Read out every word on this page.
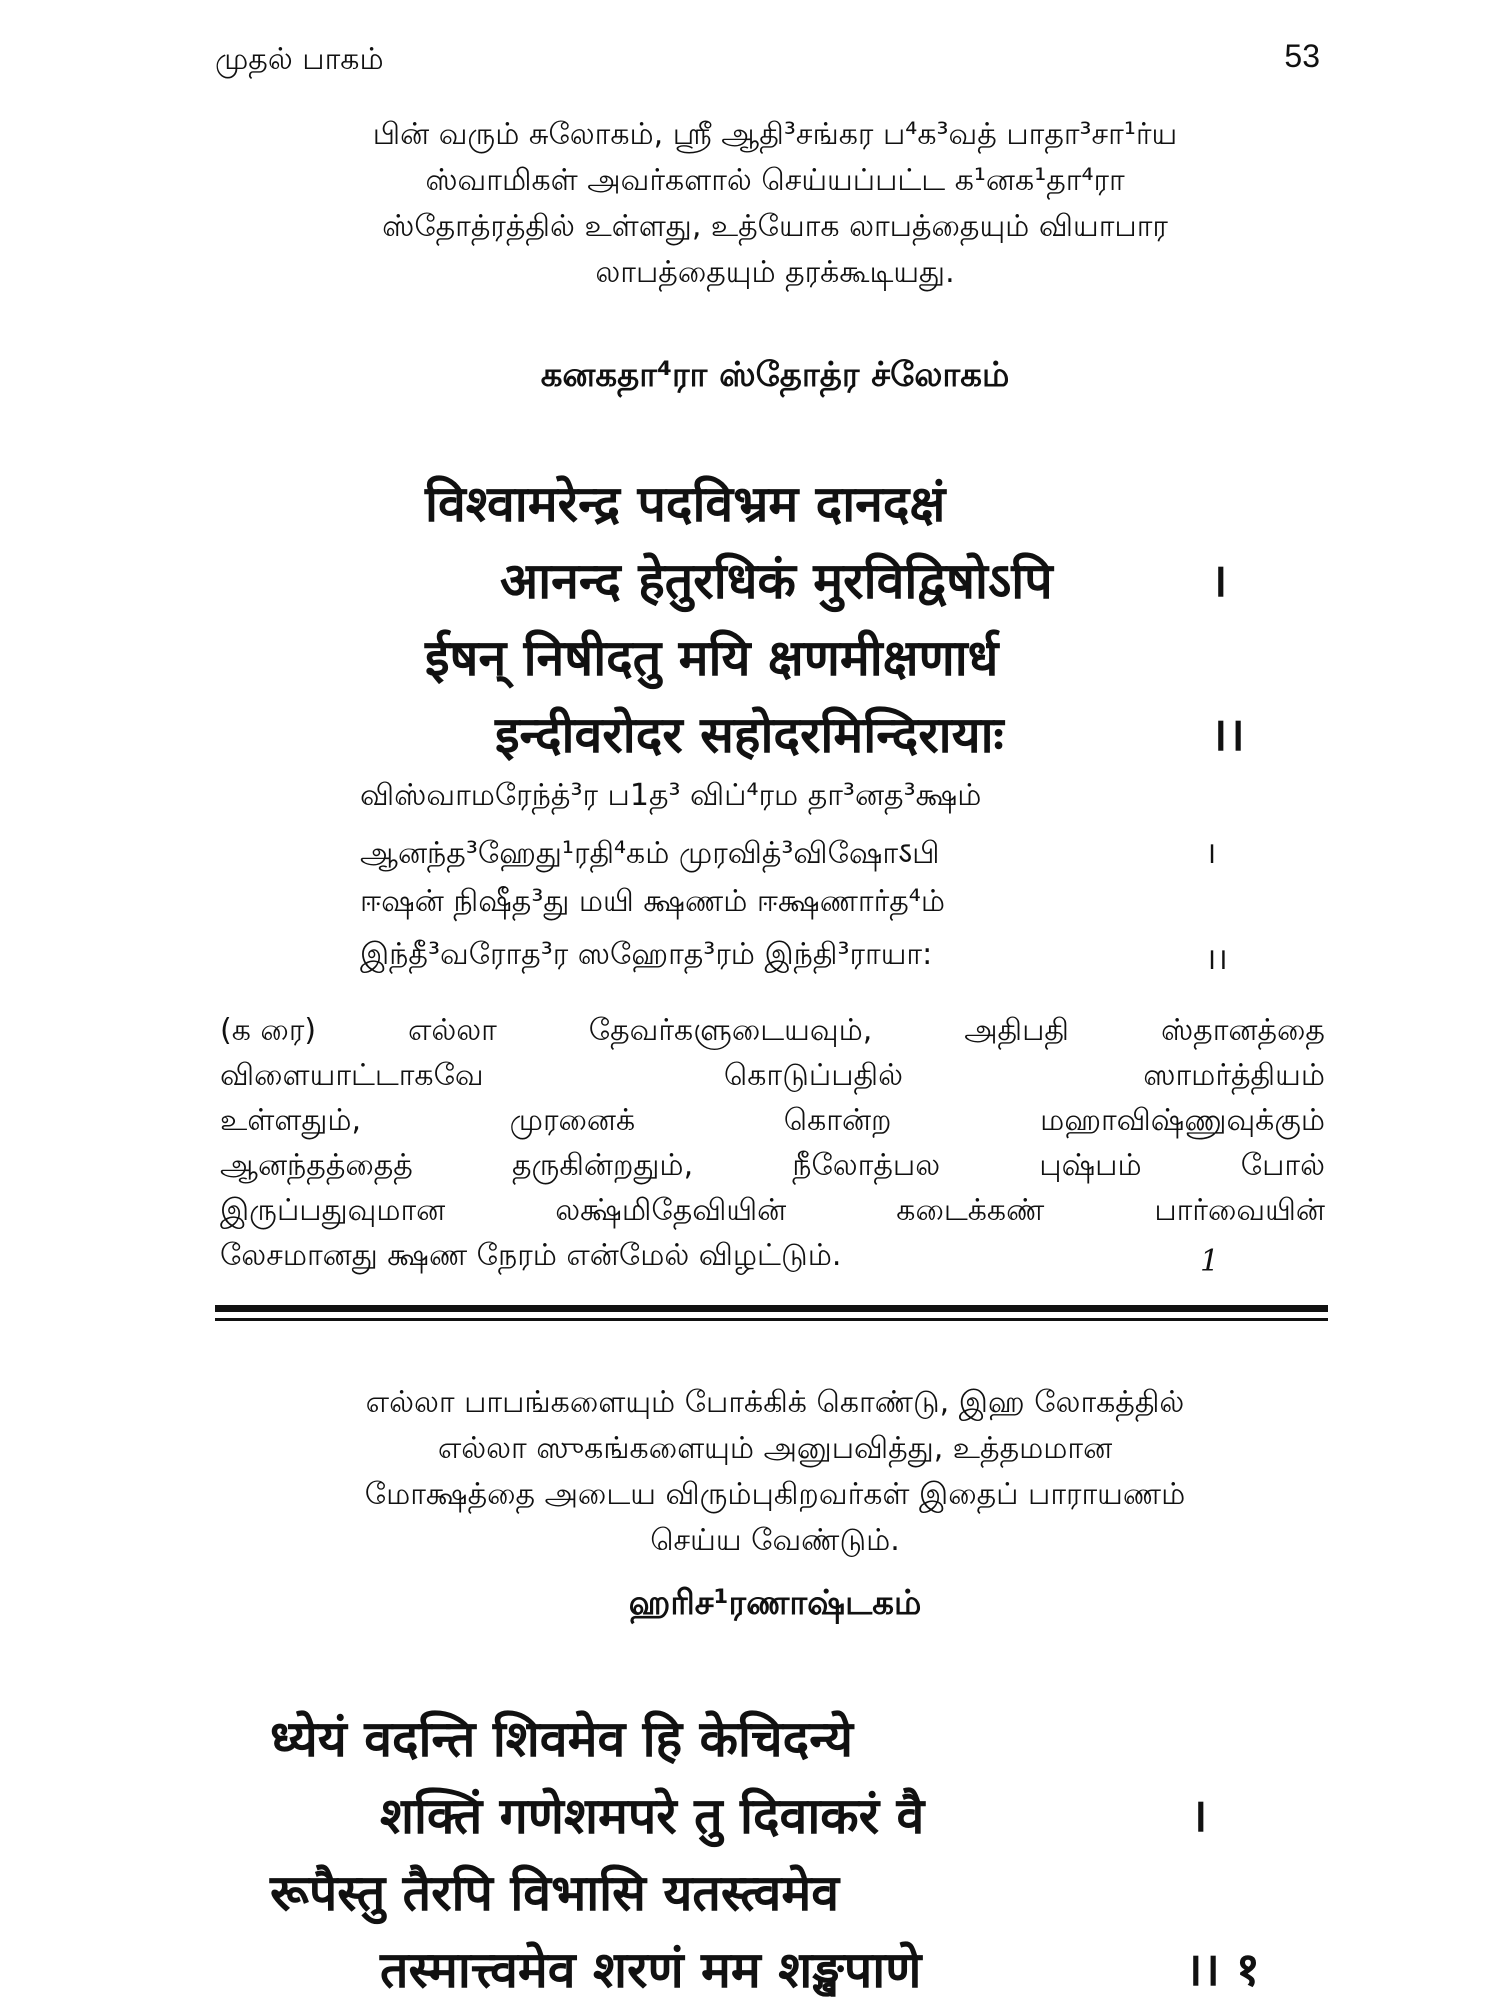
முதல் பாகம்	53
பின் வரும் சுலோகம், ஸ்ரீ ஆதி³சங்கர ப⁴க³வத் பாதா³சா¹ர்ய
ஸ்வாமிகள் அவர்களால் செய்யப்பட்ட க¹னக¹தா⁴ரா
ஸ்தோத்ரத்தில் உள்ளது, உத்யோக லாபத்தையும் வியாபார
லாபத்தையும் தரக்கூடியது.
கனகதா⁴ரா ஸ்தோத்ர ச்லோகம்
विश्वामरेन्द्र पदविभ्रम दानदक्षं
आनन्द हेतुरधिकं मुरविद्विषोऽपि	।
ईषन् निषीदतु मयि क्षणमीक्षणार्ध
इन्दीवरोदर सहोदरमिन्दिरायाः	।।
விஸ்வாமரேந்த்³ர ப1த³ விப்⁴ரம தா³னத³க்ஷம்
ஆனந்த³ஹேது¹ரதி⁴கம் முரவித்³விஷோऽபி	।
ஈஷன் நிஷீத³து மயி க்ஷணம் ஈக்ஷணார்த⁴ம்
இந்தீ³வரோத³ர ஸஹோத³ரம் இந்தி³ராயா:	।।
(க ரை)	எல்லா	தேவர்களுடையவும்,	அதிபதி	ஸ்தானத்தை
விளையாட்டாகவே	கொடுப்பதில்	ஸாமர்த்தியம்
உள்ளதும்,	முரனைக்	கொன்ற	மஹாவிஷ்ணுவுக்கும்
ஆனந்தத்தைத்	தருகின்றதும்,	நீலோத்பல	புஷ்பம்	போல்
இருப்பதுவுமான	லக்ஷ்மிதேவியின்	கடைக்கண்	பார்வையின்
லேசமானது க்ஷண நேரம் என்மேல் விழட்டும்.	1
எல்லா பாபங்களையும் போக்கிக் கொண்டு, இஹ லோகத்தில்
எல்லா ஸுகங்களையும் அனுபவித்து, உத்தமமான
மோக்ஷத்தை அடைய விரும்புகிறவர்கள் இதைப் பாராயணம்
செய்ய வேண்டும்.
ஹரிச¹ரணாஷ்டகம்
ध्येयं वदन्ति शिवमेव हि केचिदन्ये
शक्तिं गणेशमपरे तु दिवाकरं वै	।
रूपैस्तु तैरपि विभासि यतस्त्वमेव
तस्मात्त्वमेव शरणं मम शङ्खपाणे	।। १
